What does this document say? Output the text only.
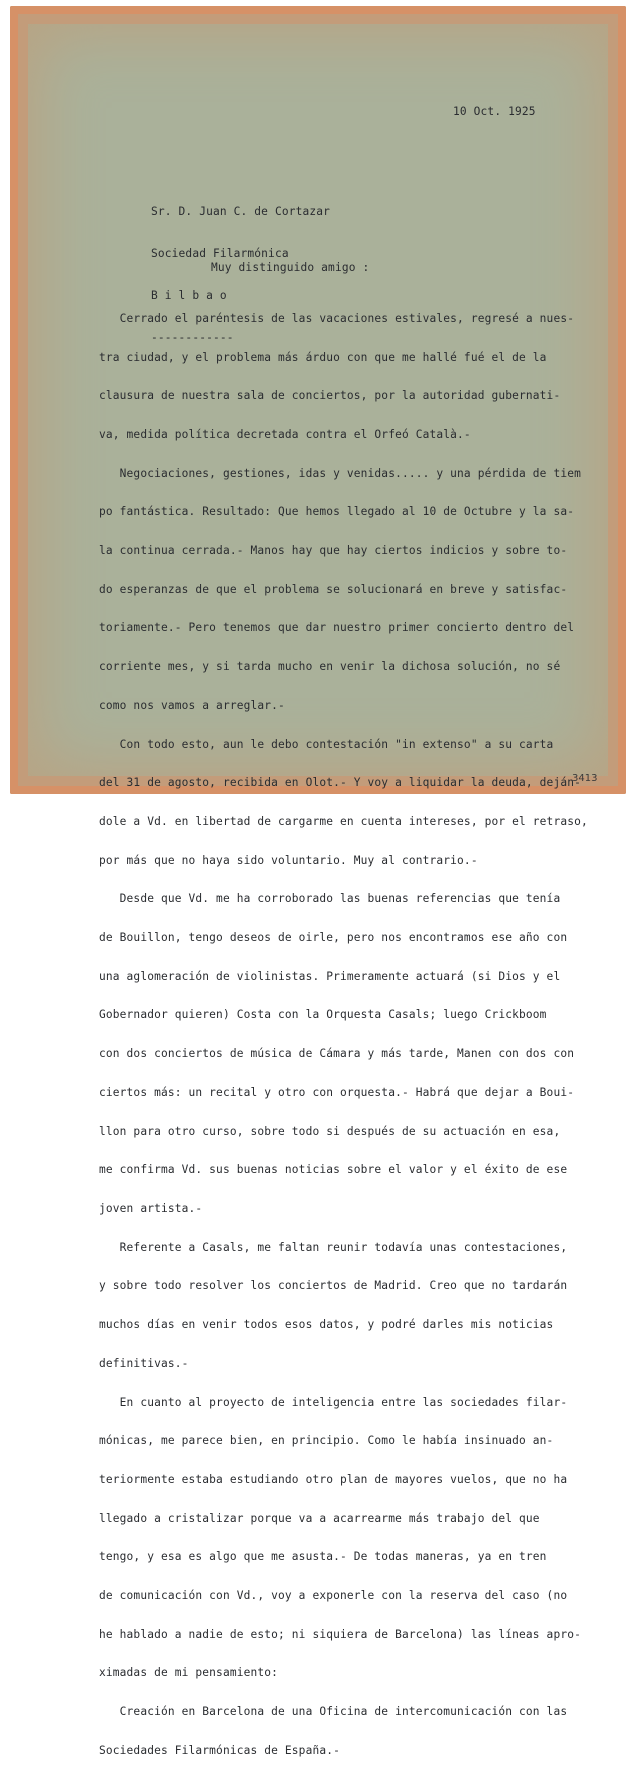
10 Oct. 1925

Sr. D. Juan C. de Cortazar

Sociedad Filarmónica

B i l b a o

------------

Muy distinguido amigo :

Cerrado el paréntesis de las vacaciones estivales, regresé a nues-

tra ciudad, y el problema más árduo con que me hallé fué el de la

clausura de nuestra sala de conciertos, por la autoridad gubernati-

va, medida política decretada contra el Orfeó Català.-

Negociaciones, gestiones, idas y venidas..... y una pérdida de tiem

po fantástica. Resultado: Que hemos llegado al 10 de Octubre y la sa-

la continua cerrada.- Manos hay que hay ciertos indicios y sobre to-

do esperanzas de que el problema se solucionará en breve y satisfac-

toriamente.- Pero tenemos que dar nuestro primer concierto dentro del

corriente mes, y si tarda mucho en venir la dichosa solución, no sé

como nos vamos a arreglar.-

Con todo esto, aun le debo contestación "in extenso" a su carta

del 31 de agosto, recibida en Olot.- Y voy a liquidar la deuda, deján-

dole a Vd. en libertad de cargarme en cuenta intereses, por el retraso,

por más que no haya sido voluntario. Muy al contrario.-

Desde que Vd. me ha corroborado las buenas referencias que tenía

de Bouillon, tengo deseos de oirle, pero nos encontramos ese año con

una aglomeración de violinistas. Primeramente actuará (si Dios y el

Gobernador quieren) Costa con la Orquesta Casals; luego Crickboom

con dos conciertos de música de Cámara y más tarde, Manen con dos con

ciertos más: un recital y otro con orquesta.- Habrá que dejar a Boui-

llon para otro curso, sobre todo si después de su actuación en esa,

me confirma Vd. sus buenas noticias sobre el valor y el éxito de ese

joven artista.-

Referente a Casals, me faltan reunir todavía unas contestaciones,

y sobre todo resolver los conciertos de Madrid. Creo que no tardarán

muchos días en venir todos esos datos, y podré darles mis noticias

definitivas.-

En cuanto al proyecto de inteligencia entre las sociedades filar-

mónicas, me parece bien, en principio. Como le había insinuado an-

teriormente estaba estudiando otro plan de mayores vuelos, que no ha

llegado a cristalizar porque va a acarrearme más trabajo del que

tengo, y esa es algo que me asusta.- De todas maneras, ya en tren

de comunicación con Vd., voy a exponerle con la reserva del caso (no

he hablado a nadie de esto; ni siquiera de Barcelona) las líneas apro-

ximadas de mi pensamiento:

Creación en Barcelona de una Oficina de intercomunicación con las

Sociedades Filarmónicas de España.-

3413
